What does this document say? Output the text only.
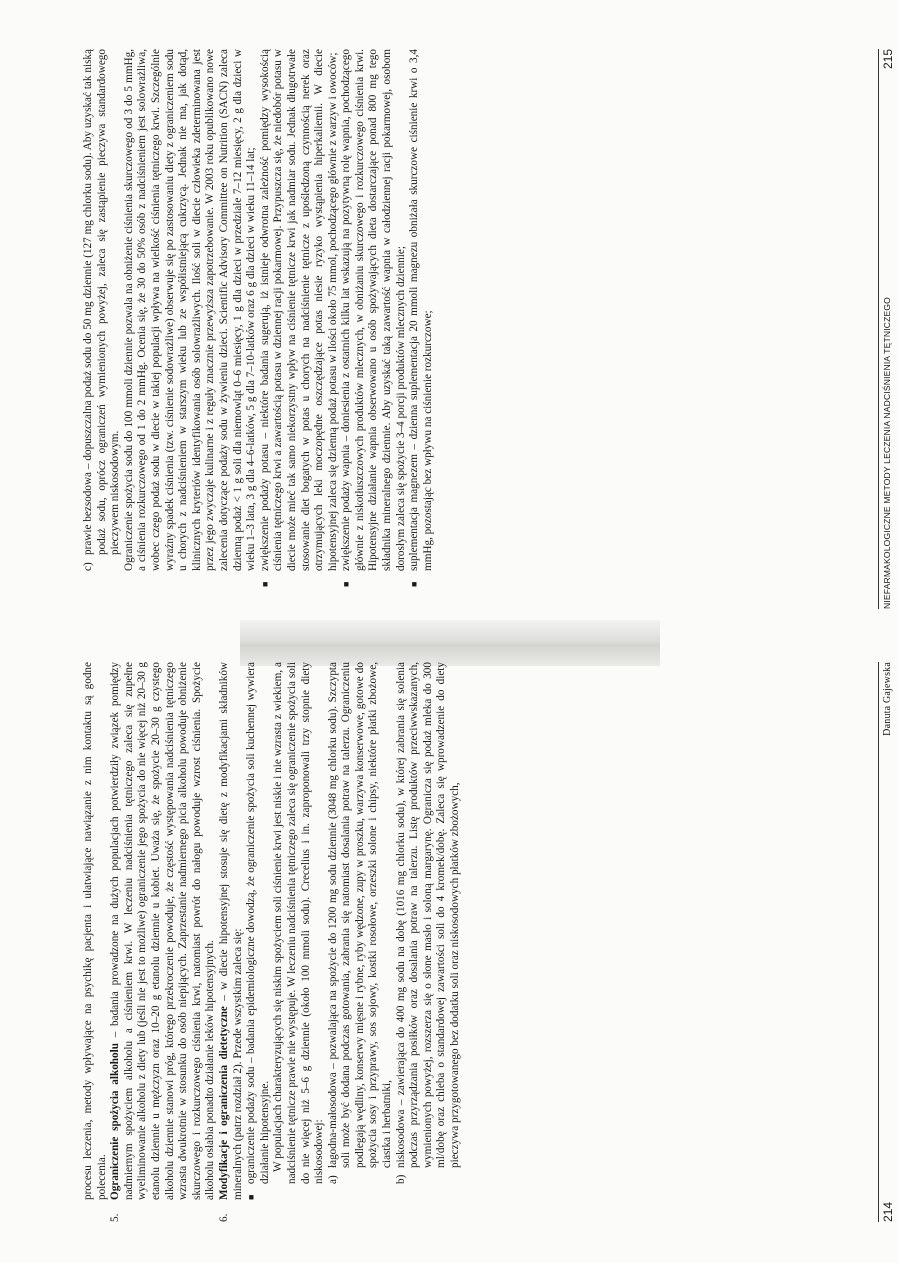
procesu leczenia, metody wpływające na psychikę pacjenta i ułatwiające nawiązanie z nim kontaktu są godne polecenia.

5.
Ograniczenie spożycia alkoholu – badania prowadzone na dużych populacjach potwierdziły związek pomiędzy nadmiernym spożyciem alkoholu a ciśnieniem krwi. W leczeniu nadciśnienia tętniczego zaleca się zupełne wyeliminowanie alkoholu z diety lub (jeśli nie jest to możliwe) ograniczenie jego spożycia do nie więcej niż 20–30 g etanolu dziennie u mężczyzn oraz 10–20 g etanolu dziennie u kobiet. Uważa się, że spożycie 20–30 g czystego alkoholu dziennie stanowi próg, którego przekroczenie powoduje, że częstość występowania nadciśnienia tętniczego wzrasta dwukrotnie w stosunku do osób niepijących. Zaprzestanie nadmiernego picia alkoholu powoduje obniżenie skurczowego i rozkurczowego ciśnienia krwi, natomiast powrót do nałogu powoduje wzrost ciśnienia. Spożycie alkoholu osłabia ponadto działanie leków hipotensyjnych.
6.
Modyfikacje i ograniczenia dietetyczne – w diecie hipotensyjnej stosuje się dietę z modyfikacjami składników mineralnych (patrz rozdział 2). Przede wszystkim zaleca się: ■
ograniczenie podaży sodu – badania epidemiologiczne dowodzą, że ograniczenie spożycia soli kuchennej wywiera działanie hipotensyjne. W populacjach charakteryzujących się niskim spożyciem soli ciśnienie krwi jest niskie i nie wzrasta z wiekiem, a nadciśnienie tętnicze prawie nie występuje. W leczeniu nadciśnienia tętniczego zaleca się ograniczenie spożycia soli do nie więcej niż 5–6 g dziennie (około 100 mmoli sodu). Crecelius i in. zaproponowali trzy stopnie diety niskosodowej: a)
łagodna-małosodowa – pozwalająca na spożycie do 1200 mg sodu dziennie (3048 mg chlorku sodu). Szczypta soli może być dodana podczas gotowania, zabrania się natomiast dosalania potraw na talerzu. Ograniczeniu podlegają wędliny, konserwy mięsne i rybne, ryby wędzone, zupy w proszku, warzywa konserwowe, gotowe do spożycia sosy i przyprawy, sos sojowy, kostki rosołowe, orzeszki solone i chipsy, niektóre płatki zbożowe, ciastka i herbatniki,
b)
niskosodowa – zawierająca do 400 mg sodu na dobę (1016 mg chlorku sodu), w której zabrania się solenia podczas przyrządzania posiłków oraz dosalania potraw na talerzu. Listę produktów przeciwwskazanych, wymienionych powyżej, rozszerza się o słone masło i soloną margarynę. Ogranicza się podaż mleka do 300 ml/dobę oraz chleba o standardowej zawartości soli do 4 kromek/dobę. Zaleca się wprowadzenie do diety pieczywa przygotowanego bez dodatku soli oraz niskosodowych płatków zbożowych,
214
Danuta Gajewska
c)
prawie bezsodowa – dopuszczalna podaż sodu do 50 mg dziennie (127 mg chlorku sodu). Aby uzyskać tak niską podaż sodu, oprócz ograniczeń wymienionych powyżej, zaleca się zastąpienie pieczywa standardowego pieczywem niskosodowym. Ograniczenie spożycia sodu do 100 mmoli dziennie pozwala na obniżenie ciśnienia skurczowego od 3 do 5 mmHg, a ciśnienia rozkurczowego od 1 do 2 mmHg. Ocenia się, że 30 do 50% osób z nadciśnieniem jest solowrażliwa, wobec czego podaż sodu w diecie w takiej populacji wpływa na wielkość ciśnienia tętniczego krwi. Szczególnie wyraźny spadek ciśnienia (tzw. ciśnienie sodowrażliwe) obserwuje się po zastosowaniu diety z ograniczeniem sodu u chorych z nadciśnieniem w starszym wieku lub ze współistniejącą cukrzycą. Jednak nie ma, jak dotąd, klinicznych kryteriów identyfikowania osób solowrażliwych. Ilość soli w diecie człowieka zdeterminowana jest przez jego zwyczaje kulinarne i z reguły znacznie przewyższa zapotrzebowanie. W 2003 roku opublikowano nowe zalecenia dotyczące podaży sodu w żywieniu dzieci. Scientific Advisory Committee on Nutrition (SACN) zaleca dzienną podaż < 1 g soli dla niemowląt 0–6 miesięcy, 1 g dla dzieci w przedziale 7–12 miesięcy, 2 g dla dzieci w wieku 1–3 lata, 3 g dla 4–6-latków, 5 g dla 7–10-latków oraz 6 g dla dzieci w wieku 11–14 lat;

■
zwiększenie podaży potasu – niektóre badania sugerują, iż istnieje odwrotna zależność pomiędzy wysokością ciśnienia tętniczego krwi a zawartością potasu w dziennej racji pokarmowej. Przypuszcza się, że niedobór potasu w diecie może mieć tak samo niekorzystny wpływ na ciśnienie tętnicze krwi jak nadmiar sodu. Jednak długotrwałe stosowanie diet bogatych w potas u chorych na nadciśnienie tętnicze z upośledzoną czynnością nerek oraz otrzymujących leki moczopędne oszczędzające potas niesie ryzyko wystąpienia hiperkaliemii. W diecie hipotensyjnej zaleca się dzienną podaż potasu w ilości około 75 mmol, pochodzącego głównie z warzyw i owoców;
■
zwiększenie podaży wapnia – doniesienia z ostatnich kilku lat wskazują na pozytywną rolę wapnia, pochodzącego głównie z niskotłuszczowych produktów mlecznych, w obniżaniu skurczowego i rozkurczowego ciśnienia krwi. Hipotensyjne działanie wapnia obserwowano u osób spożywających dieta dostarczające ponad 800 mg tego składnika mineralnego dziennie. Aby uzyskać taką zawartość wapnia w całodziennej racji pokarmowej, osobom dorosłym zaleca się spożycie 3–4 porcji produktów mlecznych dziennie;
■
suplementacja magnezem – dzienna suplementacja 20 mmoli magnezu obniżała skurczowe ciśnienie krwi o 3,4 mmHg, pozostając bez wpływu na ciśnienie rozkurczowe;	NIEFARMAKOLOGICZNE METODY LECZENIA NADCIŚNIENIA TĘTNICZEGO
215
